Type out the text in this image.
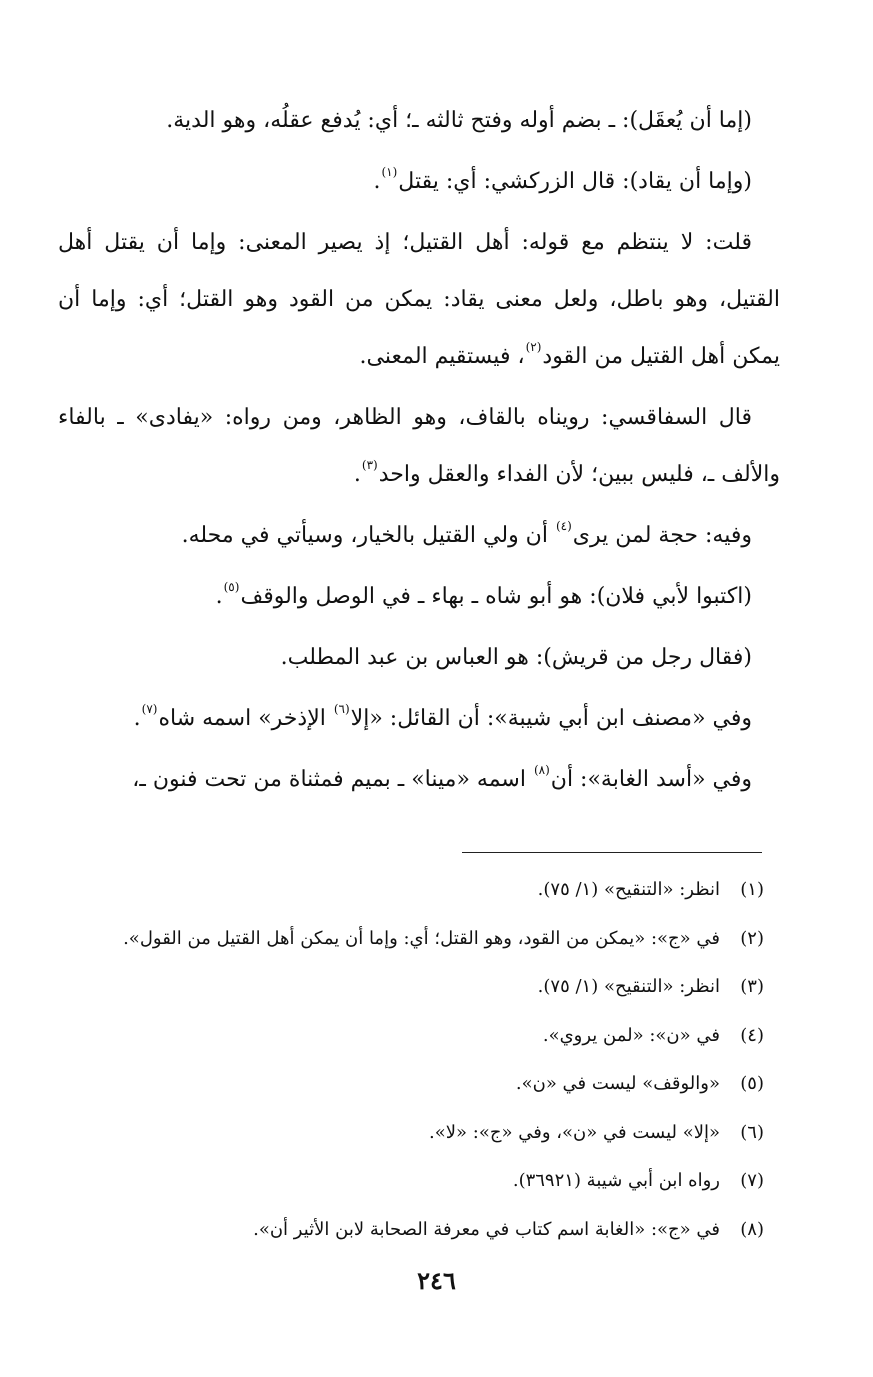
(إما أن يُعقَل): ـ بضم أوله وفتح ثالثه ـ؛ أي: يُدفع عقلُه، وهو الدية.

(وإما أن يقاد): قال الزركشي: أي: يقتل$^{(١)}$.

قلت: لا ينتظم مع قوله: أهل القتيل؛ إذ يصير المعنى: وإما أن يقتل أهل القتيل، وهو باطل، ولعل معنى يقاد: يمكن من القود وهو القتل؛ أي: وإما أن يمكن أهل القتيل من القود$^{(٢)}$، فيستقيم المعنى.

قال السفاقسي: رويناه بالقاف، وهو الظاهر، ومن رواه: «يفادى» ـ بالفاء والألف ـ، فليس ببين؛ لأن الفداء والعقل واحد$^{(٣)}$.

وفيه: حجة لمن يرى$^{(٤)}$ أن ولي القتيل بالخيار، وسيأتي في محله.

(اكتبوا لأبي فلان): هو أبو شاه ـ بهاء ـ في الوصل والوقف$^{(٥)}$.

(فقال رجل من قريش): هو العباس بن عبد المطلب.

وفي «مصنف ابن أبي شيبة»: أن القائل: «إلا$^{(٦)}$ الإذخر» اسمه شاه$^{(٧)}$.

وفي «أسد الغابة»: أن$^{(٨)}$ اسمه «مينا» ـ بميم فمثناة من تحت فنون ـ،

(١)
انظر: «التنقيح» (١/ ٧٥).
(٢)
في «ج»: «يمكن من القود، وهو القتل؛ أي: وإما أن يمكن أهل القتيل من القول».
(٣)
انظر: «التنقيح» (١/ ٧٥).
(٤)
في «ن»: «لمن يروي».
(٥)
«والوقف» ليست في «ن».
(٦)
«إلا» ليست في «ن»، وفي «ج»: «لا».
(٧)
رواه ابن أبي شيبة (٣٦٩٢١).
(٨)
في «ج»: «الغابة اسم كتاب في معرفة الصحابة لابن الأثير أن».
٢٤٦
